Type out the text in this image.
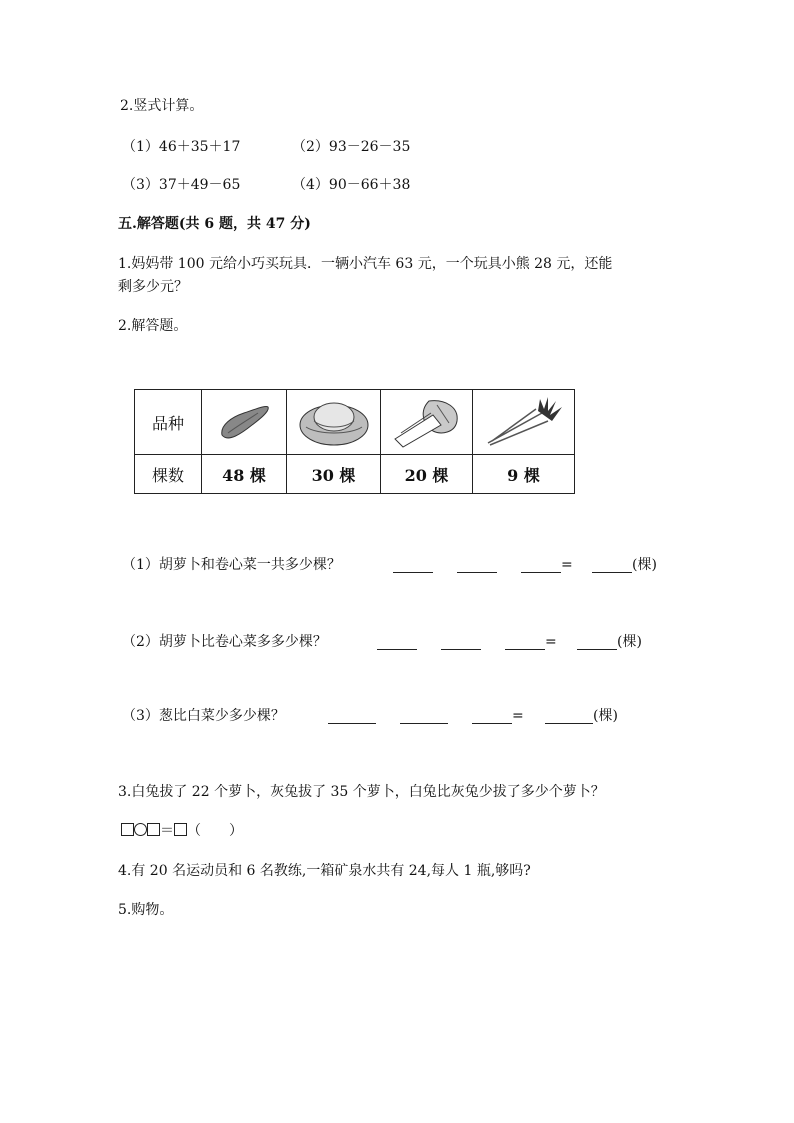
2.竖式计算。
（1）46＋35＋17	（2）93－26－35
（3）37＋49－65	（4）90－66＋38
五.解答题(共 6 题，共 47 分)
1.妈妈带 100 元给小巧买玩具．一辆小汽车 63 元，一个玩具小熊 28 元，还能
剩多少元？
2.解答题。
品种	

棵数	48 棵	30 棵	20 棵	9 棵
（1）胡萝卜和卷心菜一共多少棵？	=	(棵)
（2）胡萝卜比卷心菜多多少棵？	=	(棵)
（3）葱比白菜少多少棵？	=	(棵)
3.白兔拔了 22 个萝卜，灰兔拔了 35 个萝卜，白兔比灰兔少拔了多少个萝卜？
＝ （　　）
4.有 20 名运动员和 6 名教练,一箱矿泉水共有 24,每人 1 瓶,够吗?
5.购物。
